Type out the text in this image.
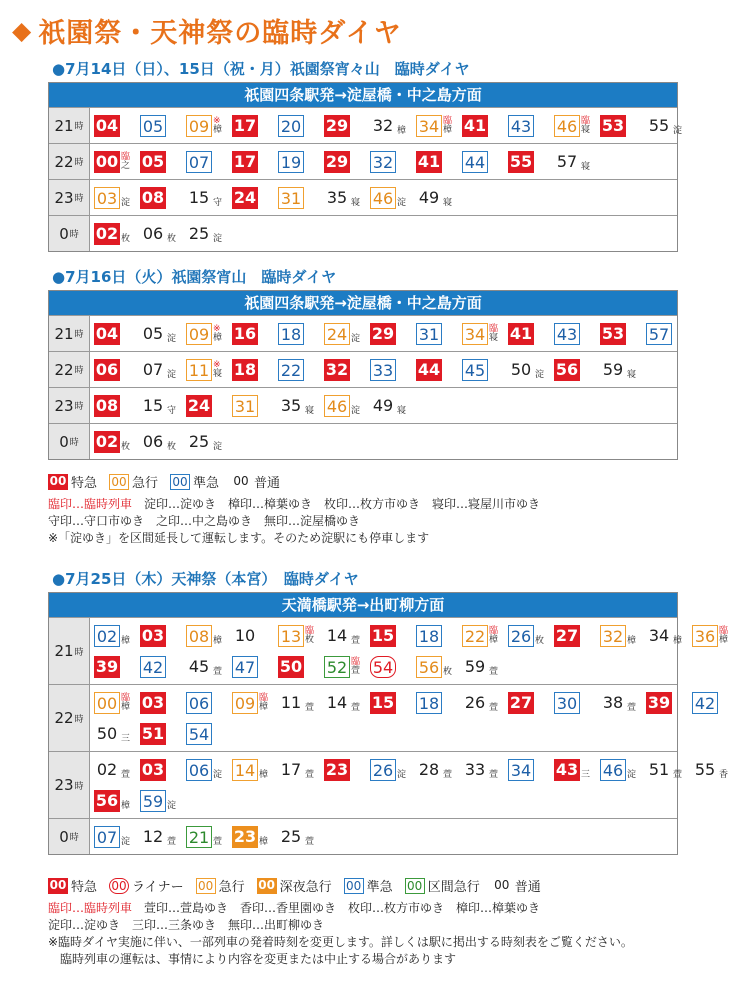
◆ 祇園祭・天神祭の臨時ダイヤ
●7月14日（日）、15日（祝・月）祇園祭宵々山　臨時ダイヤ
祇園四条駅発→淀屋橋・中之島方面
21 時 04 05 09 ※
樟 17 20 29 32 樟 34 臨
樟 41 43 46 臨
寝 53 55 淀
22 時 00 臨
之 05 07 17 19 29 32 41 44 55 57 寝
23 時 03 淀 08 15 守 24 31 35 寝 46 淀 49 寝
0 時 02 枚 06 枚 25 淀
●7月16日（火）祇園祭宵山　臨時ダイヤ
祇園四条駅発→淀屋橋・中之島方面
21 時 04 05 淀 09 ※
樟 16 18 24 淀 29 31 34 臨
寝 41 43 53 57
22 時 06 07 淀 11 ※
寝 18 22 32 33 44 45 50 淀 56 59 寝
23 時 08 15 守 24 31 35 寝 46 淀 49 寝
0 時 02 枚 06 枚 25 淀
00 特急 00 急行 00 準急 00 普通
臨印…臨時列車　淀印…淀ゆき　樟印…樟葉ゆき　枚印…枚方市ゆき　寝印…寝屋川市ゆき
守印…守口市ゆき　之印…中之島ゆき　無印…淀屋橋ゆき
※「淀ゆき」を区間延長して運転します。そのため淀駅にも停車します
●7月25日（木）天神祭（本宮）　臨時ダイヤ
天満橋駅発→出町柳方面
21 時
02 樟 03 08 樟 10 13 臨
枚 14 萱 15 18 22 臨
樟 26 枚 27 32 樟 34 樟 36 臨
樟
39 42 45 萱 47 50 52 臨
萱 54 56 枚 59 萱
22 時
00 臨
樟 03 06 09 臨
樟 11 萱 14 萱 15 18 26 萱 27 30 38 萱 39 42
50 三 51 54
23 時
02 萱 03 06 淀 14 樟 17 萱 23 26 淀 28 萱 33 萱 34 43 三 46 淀 51 萱 55 香
56 樟 59 淀
0 時 07 淀 12 萱 21 萱 23 樟 25 萱
00 特急 00 ライナー 00 急行 00 深夜急行 00 準急 00 区間急行 00 普通
臨印…臨時列車　萱印…萱島ゆき　香印…香里園ゆき　枚印…枚方市ゆき　樟印…樟葉ゆき
淀印…淀ゆき　三印…三条ゆき　無印…出町柳ゆき
※臨時ダイヤ実施に伴い、一部列車の発着時刻を変更します。詳しくは駅に掲出する時刻表をご覧ください。
　臨時列車の運転は、事情により内容を変更または中止する場合があります
